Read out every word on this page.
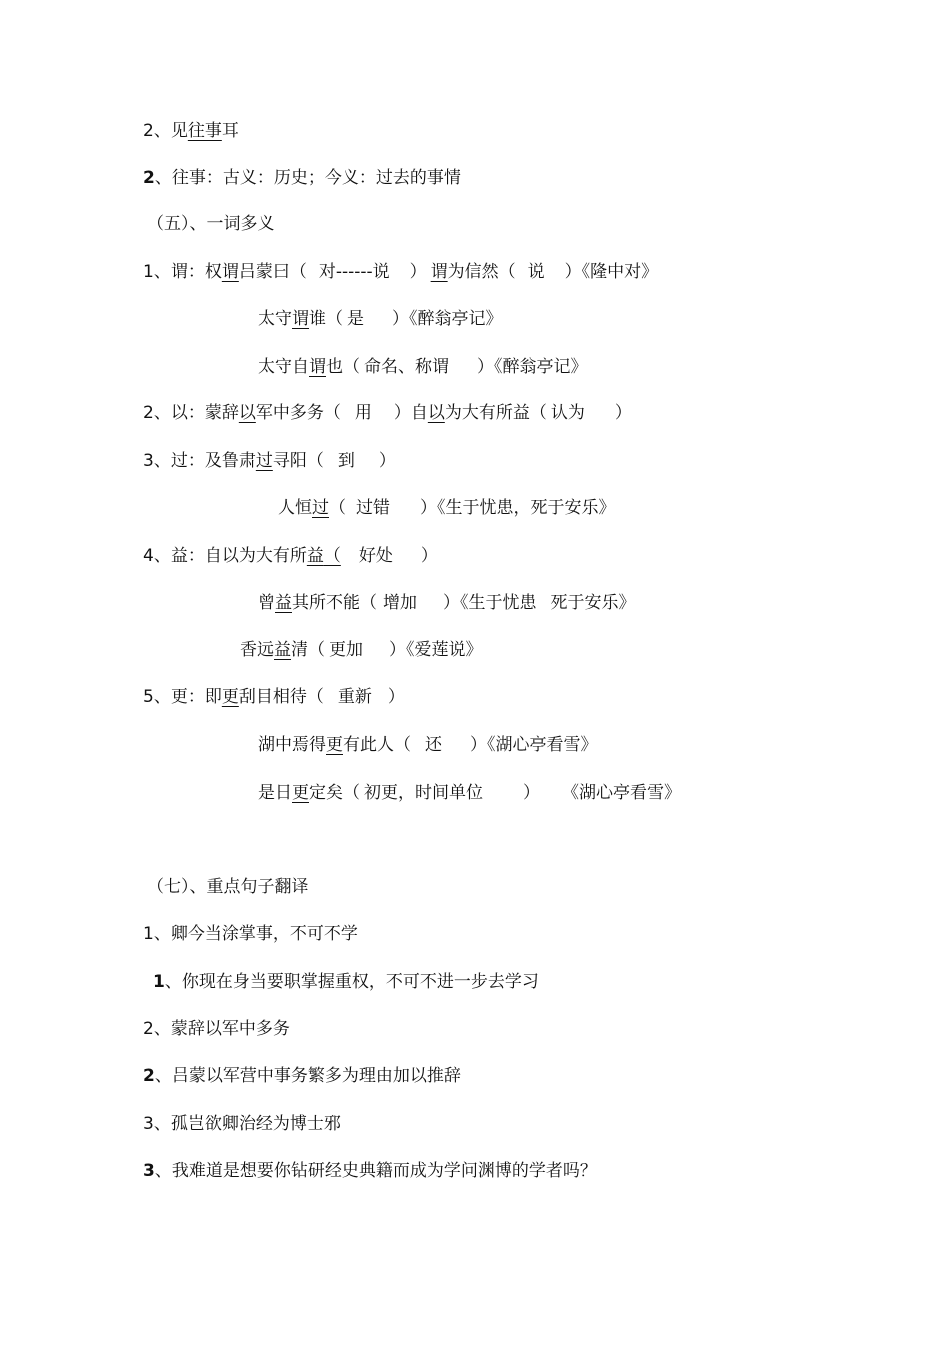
2、见往事耳
2、往事：古义：历史；今义：过去的事情
（五）、一词多义
1、谓：权谓吕蒙曰（ 对------说 ） 谓为信然（ 说 ）《隆中对》
太守谓谁（ 是 ）《醉翁亭记》
太守自谓也（ 命名、称谓 ）《醉翁亭记》
2、以：蒙辞以军中多务（ 用 ）自以为大有所益（ 认为 ）
3、过：及鲁肃过寻阳（ 到 ）
人恒过（ 过错 ）《生于忧患，死于安乐》
4、益：自以为大有所益（ 好处 ）
曾益其所不能（ 增加 ）《生于忧患 死于安乐》
香远益清（ 更加 ）《爱莲说》
5、更：即更刮目相待（ 重新 ）
湖中焉得更有此人（ 还 ）《湖心亭看雪》
是日更定矣（ 初更，时间单位 ） 《湖心亭看雪》
（七）、重点句子翻译
1、卿今当涂掌事，不可不学
1、你现在身当要职掌握重权，不可不进一步去学习
2、蒙辞以军中多务
2、吕蒙以军营中事务繁多为理由加以推辞
3、孤岂欲卿治经为博士邪
3、我难道是想要你钻研经史典籍而成为学问渊博的学者吗？
